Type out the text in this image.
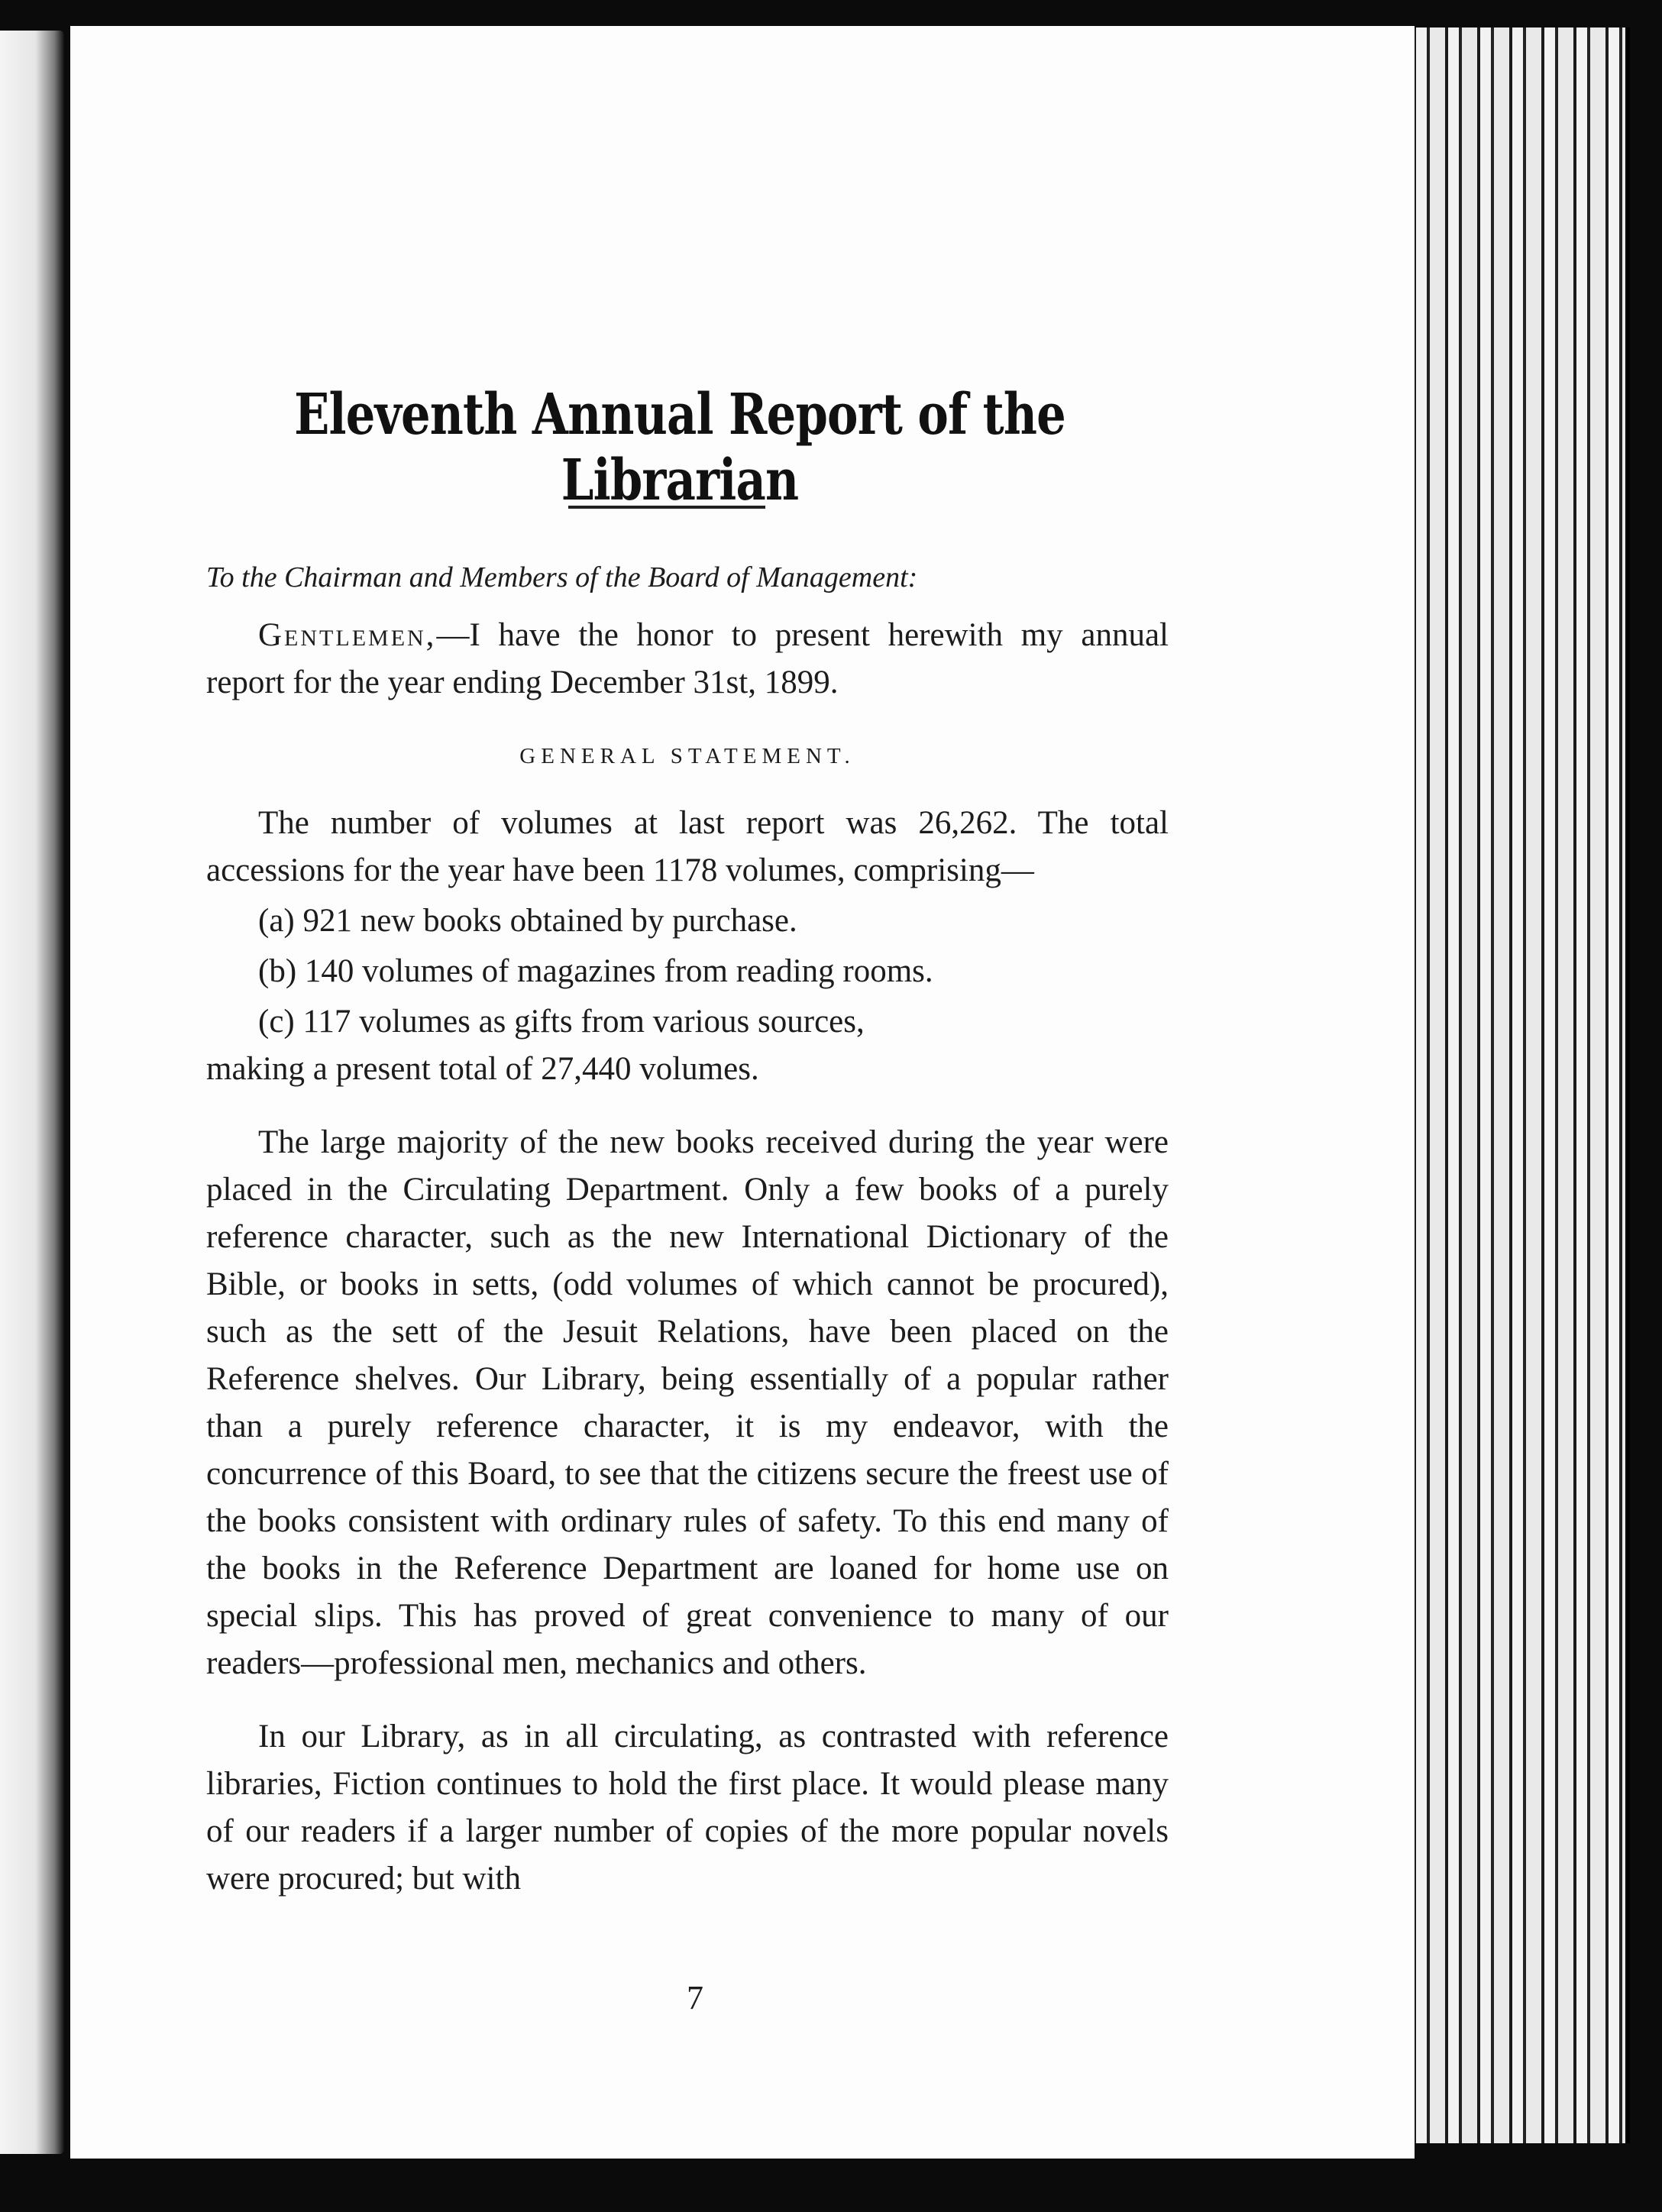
Eleventh Annual Report of the Librarian

To the Chairman and Members of the Board of Management:

Gentlemen,—I have the honor to present herewith my annual report for the year ending December 31st, 1899.

GENERAL STATEMENT.

The number of volumes at last report was 26,262. The total accessions for the year have been 1178 volumes, comprising—

(a) 921 new books obtained by purchase.

(b) 140 volumes of magazines from reading rooms.

(c) 117 volumes as gifts from various sources,

making a present total of 27,440 volumes.

The large majority of the new books received during the year were placed in the Circulating Department. Only a few books of a purely reference character, such as the new International Dictionary of the Bible, or books in setts, (odd volumes of which cannot be procured), such as the sett of the Jesuit Relations, have been placed on the Reference shelves. Our Library, being essentially of a popular rather than a purely reference character, it is my endeavor, with the concurrence of this Board, to see that the citizens secure the freest use of the books consistent with ordinary rules of safety. To this end many of the books in the Reference Department are loaned for home use on special slips. This has proved of great convenience to many of our readers—professional men, mechanics and others.

In our Library, as in all circulating, as contrasted with reference libraries, Fiction continues to hold the first place. It would please many of our readers if a larger number of copies of the more popular novels were procured; but with

7
